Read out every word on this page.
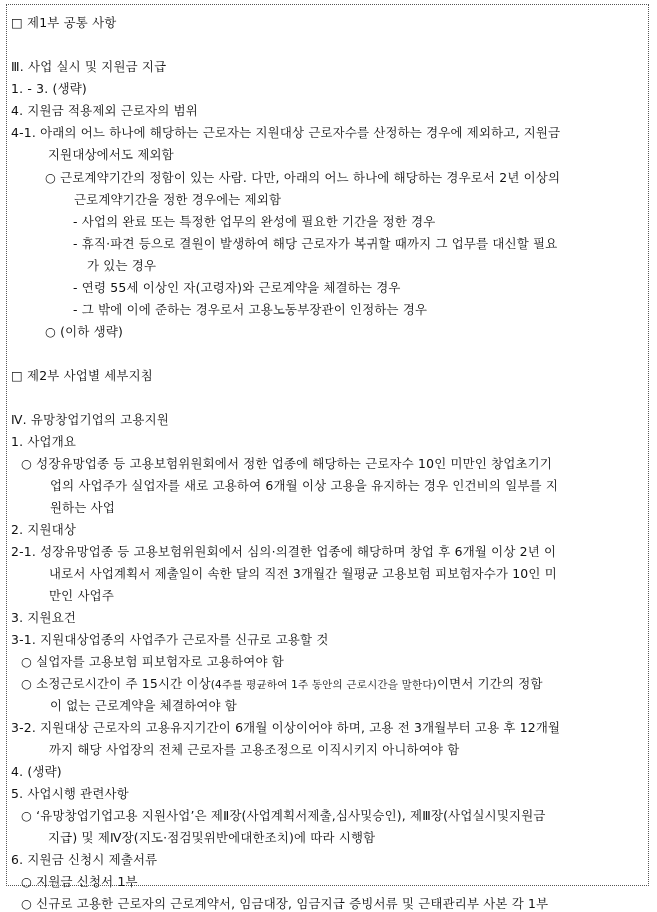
□ 제1부 공통 사항
Ⅲ. 사업 실시 및 지원금 지급
1. - 3. (생략)
4. 지원금 적용제외 근로자의 범위
4-1. 아래의 어느 하나에 해당하는 근로자는 지원대상 근로자수를 산정하는 경우에 제외하고, 지원금
지원대상에서도 제외함
○ 근로계약기간의 정함이 있는 사람. 다만, 아래의 어느 하나에 해당하는 경우로서 2년 이상의
근로계약기간을 정한 경우에는 제외함
- 사업의 완료 또는 특정한 업무의 완성에 필요한 기간을 정한 경우
- 휴직·파견 등으로 결원이 발생하여 해당 근로자가 복귀할 때까지 그 업무를 대신할 필요
가 있는 경우
- 연령 55세 이상인 자(고령자)와 근로계약을 체결하는 경우
- 그 밖에 이에 준하는 경우로서 고용노동부장관이 인정하는 경우
○ (이하 생략)
□ 제2부 사업별 세부지침
Ⅳ. 유망창업기업의 고용지원
1. 사업개요
○ 성장유망업종 등 고용보험위원회에서 정한 업종에 해당하는 근로자수 10인 미만인 창업초기기
업의 사업주가 실업자를 새로 고용하여 6개월 이상 고용을 유지하는 경우 인건비의 일부를 지
원하는 사업
2. 지원대상
2-1. 성장유망업종 등 고용보험위원회에서 심의·의결한 업종에 해당하며 창업 후 6개월 이상 2년 이
내로서 사업계획서 제출일이 속한 달의 직전 3개월간 월평균 고용보험 피보험자수가 10인 미
만인 사업주
3. 지원요건
3-1. 지원대상업종의 사업주가 근로자를 신규로 고용할 것
○ 실업자를 고용보험 피보험자로 고용하여야 함
○ 소정근로시간이 주 15시간 이상(4주를 평균하여 1주 동안의 근로시간을 말한다)이면서 기간의 정함
이 없는 근로계약을 체결하여야 함
3-2. 지원대상 근로자의 고용유지기간이 6개월 이상이어야 하며, 고용 전 3개월부터 고용 후 12개월
까지 해당 사업장의 전체 근로자를 고용조정으로 이직시키지 아니하여야 함
4. (생략)
5. 사업시행 관련사항
○ ‘유망창업기업고용 지원사업’은 제Ⅱ장(사업계획서제출,심사및승인), 제Ⅲ장(사업실시및지원금
지급) 및 제Ⅳ장(지도·점검및위반에대한조치)에 따라 시행함
6. 지원금 신청시 제출서류
○ 지원금 신청서 1부
○ 신규로 고용한 근로자의 근로계약서, 임금대장, 임금지급 증빙서류 및 근태관리부 사본 각 1부
